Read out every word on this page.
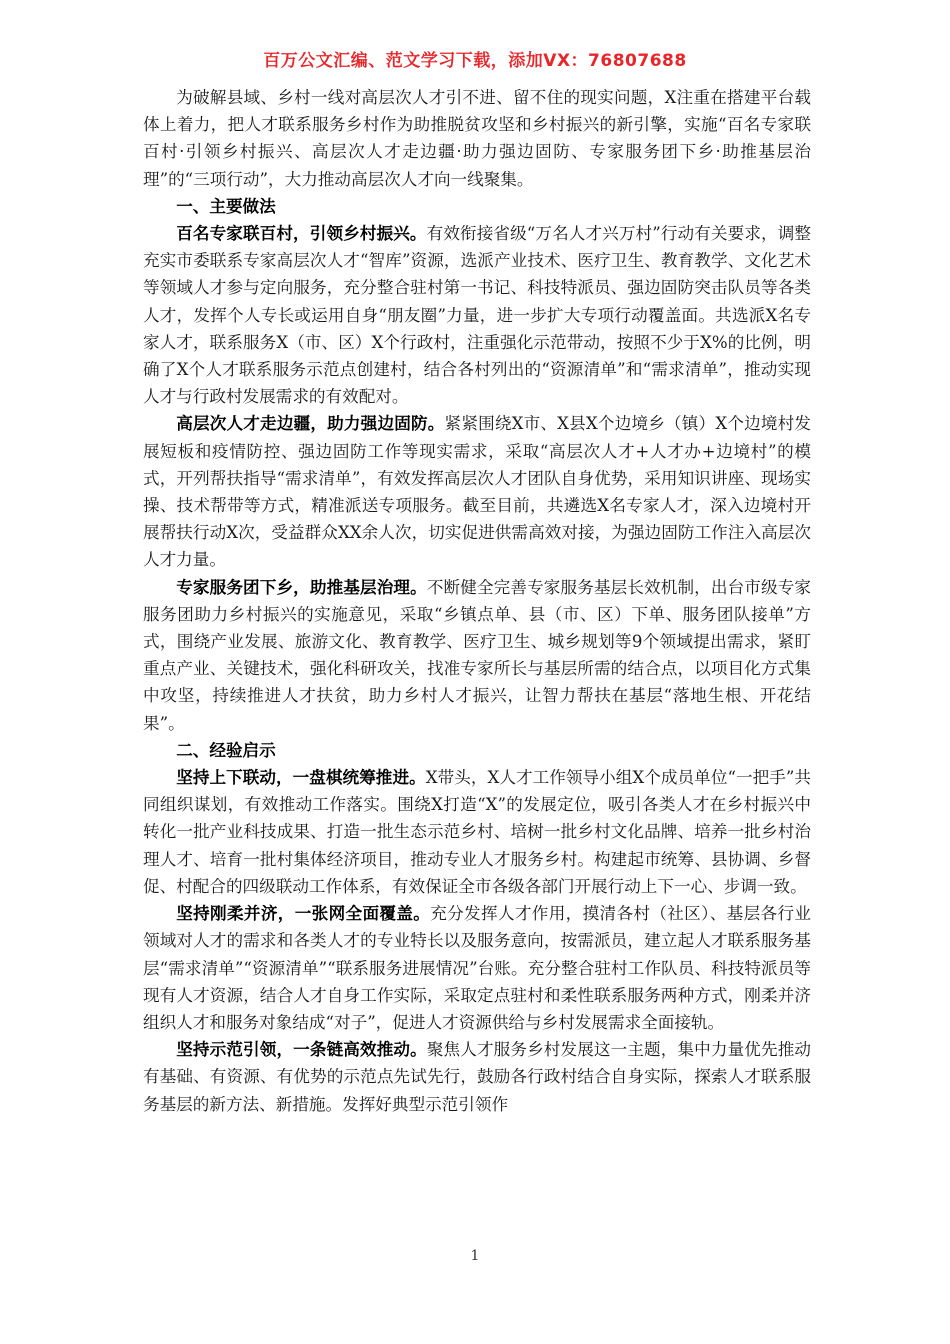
百万公文汇编、范文学习下载，添加VX：76807688

为破解县域、乡村一线对高层次人才引不进、留不住的现实问题，X注重在搭建平台载体上着力，把人才联系服务乡村作为助推脱贫攻坚和乡村振兴的新引擎，实施“百名专家联百村·引领乡村振兴、高层次人才走边疆·助力强边固防、专家服务团下乡·助推基层治理”的“三项行动”，大力推动高层次人才向一线聚集。

一、主要做法

百名专家联百村，引领乡村振兴。有效衔接省级“万名人才兴万村”行动有关要求，调整充实市委联系专家高层次人才“智库”资源，选派产业技术、医疗卫生、教育教学、文化艺术等领域人才参与定向服务，充分整合驻村第一书记、科技特派员、强边固防突击队员等各类人才，发挥个人专长或运用自身“朋友圈”力量，进一步扩大专项行动覆盖面。共选派X名专家人才，联系服务X（市、区）X个行政村，注重强化示范带动，按照不少于X%的比例，明确了X个人才联系服务示范点创建村，结合各村列出的“资源清单”和“需求清单”，推动实现人才与行政村发展需求的有效配对。

高层次人才走边疆，助力强边固防。紧紧围绕X市、X县X个边境乡（镇）X个边境村发展短板和疫情防控、强边固防工作等现实需求，采取“高层次人才+人才办+边境村”的模式，开列帮扶指导“需求清单”，有效发挥高层次人才团队自身优势，采用知识讲座、现场实操、技术帮带等方式，精准派送专项服务。截至目前，共遴选X名专家人才，深入边境村开展帮扶行动X次，受益群众XX余人次，切实促进供需高效对接，为强边固防工作注入高层次人才力量。

专家服务团下乡，助推基层治理。不断健全完善专家服务基层长效机制，出台市级专家服务团助力乡村振兴的实施意见，采取“乡镇点单、县（市、区）下单、服务团队接单”方式，围绕产业发展、旅游文化、教育教学、医疗卫生、城乡规划等9个领域提出需求，紧盯重点产业、关键技术，强化科研攻关，找准专家所长与基层所需的结合点，以项目化方式集中攻坚，持续推进人才扶贫，助力乡村人才振兴，让智力帮扶在基层“落地生根、开花结果”。

二、经验启示

坚持上下联动，一盘棋统筹推进。X带头，X人才工作领导小组X个成员单位“一把手”共同组织谋划，有效推动工作落实。围绕X打造“X”的发展定位，吸引各类人才在乡村振兴中转化一批产业科技成果、打造一批生态示范乡村、培树一批乡村文化品牌、培养一批乡村治理人才、培育一批村集体经济项目，推动专业人才服务乡村。构建起市统筹、县协调、乡督促、村配合的四级联动工作体系，有效保证全市各级各部门开展行动上下一心、步调一致。

坚持刚柔并济，一张网全面覆盖。充分发挥人才作用，摸清各村（社区）、基层各行业领域对人才的需求和各类人才的专业特长以及服务意向，按需派员，建立起人才联系服务基层“需求清单”“资源清单”“联系服务进展情况”台账。充分整合驻村工作队员、科技特派员等现有人才资源，结合人才自身工作实际，采取定点驻村和柔性联系服务两种方式，刚柔并济组织人才和服务对象结成“对子”，促进人才资源供给与乡村发展需求全面接轨。

坚持示范引领，一条链高效推动。聚焦人才服务乡村发展这一主题，集中力量优先推动有基础、有资源、有优势的示范点先试先行，鼓励各行政村结合自身实际，探索人才联系服务基层的新方法、新措施。发挥好典型示范引领作

1
